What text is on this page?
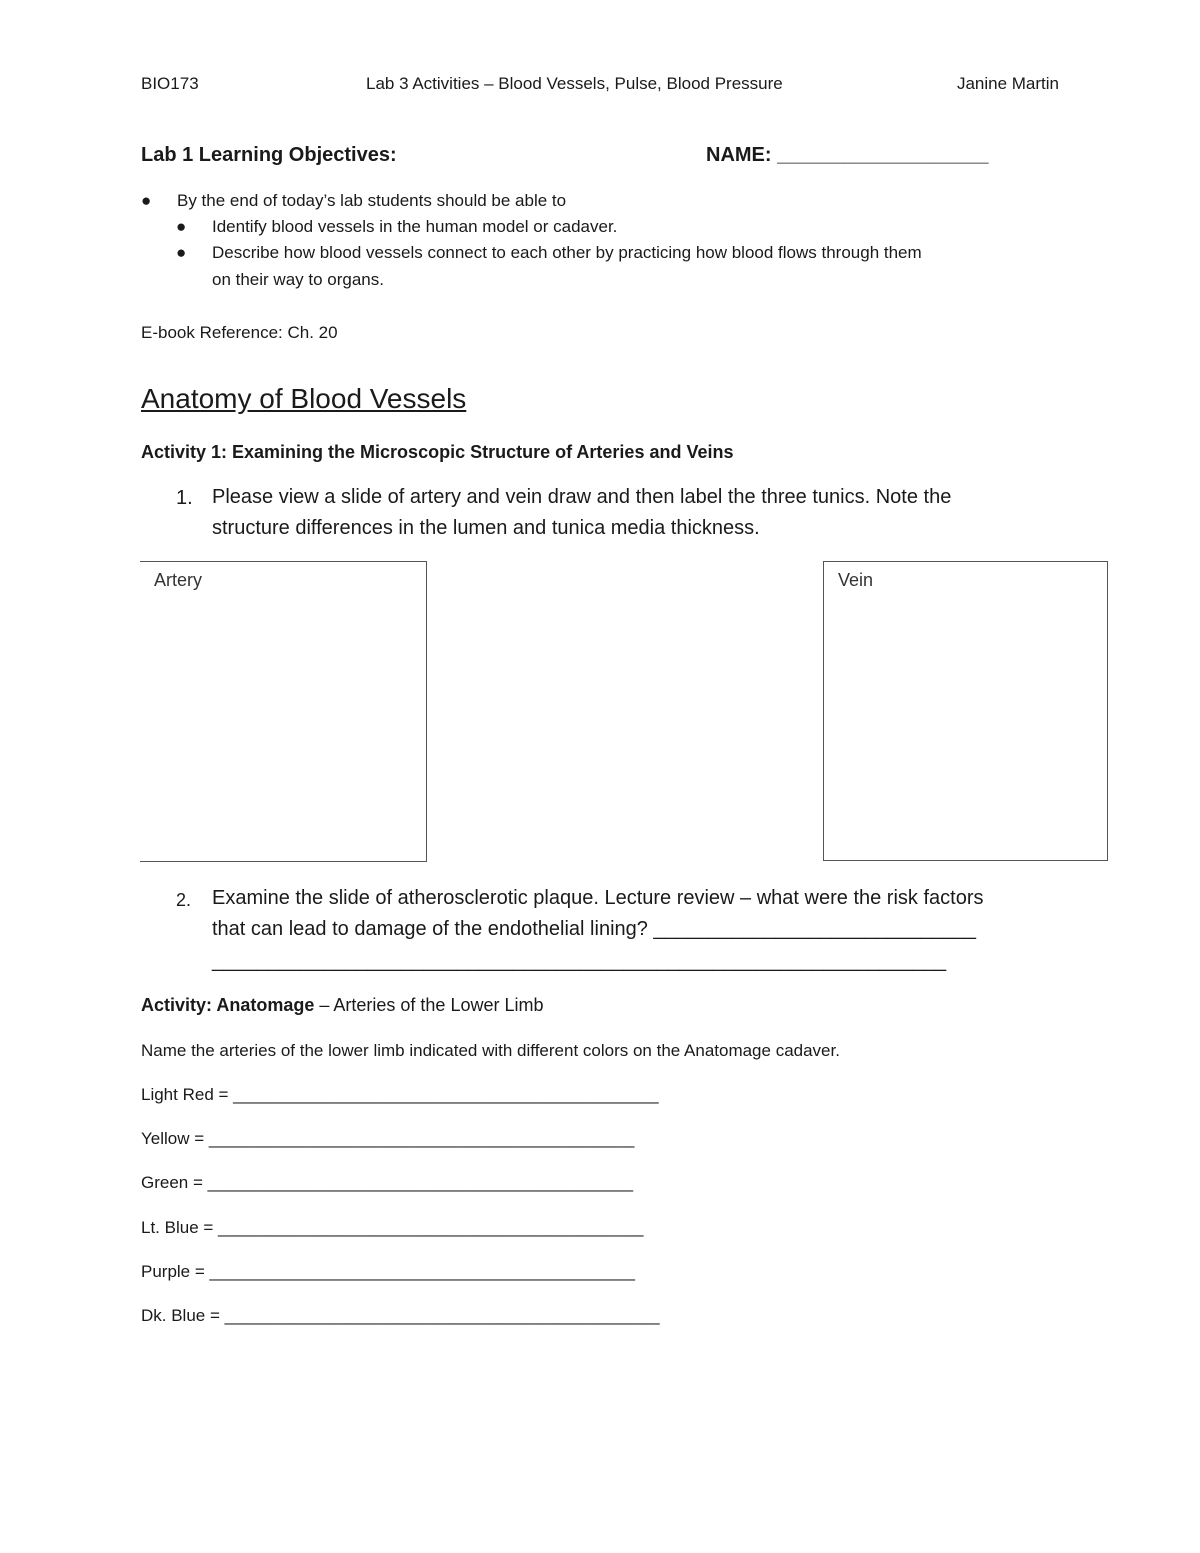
BIO173	Lab 3 Activities – Blood Vessels, Pulse, Blood Pressure	Janine Martin
Lab 1 Learning Objectives:	NAME: ___________________
● By the end of today’s lab students should be able to
● Identify blood vessels in the human model or cadaver.
● Describe how blood vessels connect to each other by practicing how blood flows through them
on their way to organs.
E-book Reference: Ch. 20
Anatomy of Blood Vessels
Activity 1: Examining the Microscopic Structure of Arteries and Veins
1. Please view a slide of artery and vein draw and then label the three tunics. Note the
structure differences in the lumen and tunica media thickness.
Artery	Vein
2. Examine the slide of atherosclerotic plaque. Lecture review – what were the risk factors
that can lead to damage of the endothelial lining? _____________________________
__________________________________________________________________
Activity: Anatomage – Arteries of the Lower Limb
Name the arteries of the lower limb indicated with different colors on the Anatomage cadaver.
Light Red = _____________________________________________
Yellow = _____________________________________________
Green = _____________________________________________
Lt. Blue = _____________________________________________
Purple = _____________________________________________
Dk. Blue = ______________________________________________
